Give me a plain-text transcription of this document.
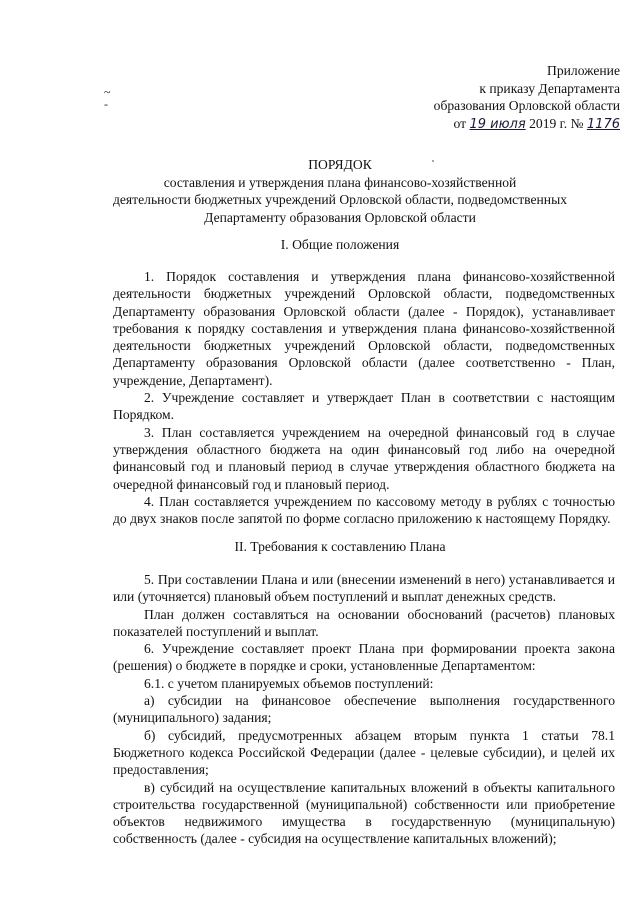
~
-
Приложение
к приказу Департамента
образования Орловской области
от 19 июля 2019 г. № 1176
ПОРЯДОК
составления и утверждения плана финансово-хозяйственной
деятельности бюджетных учреждений Орловской области, подведомственных
Департаменту образования Орловской области
I. Общие положения

1. Порядок составления и утверждения плана финансово-хозяйственной деятельности бюджетных учреждений Орловской области, подведомственных Департаменту образования Орловской области (далее - Порядок), устанавливает требования к порядку составления и утверждения плана финансово-хозяйственной деятельности бюджетных учреждений Орловской области, подведомственных Департаменту образования Орловской области (далее соответственно - План, учреждение, Департамент).

2. Учреждение составляет и утверждает План в соответствии с настоящим Порядком.

3. План составляется учреждением на очередной финансовый год в случае утверждения областного бюджета на один финансовый год либо на очередной финансовый год и плановый период в случае утверждения областного бюджета на очередной финансовый год и плановый период.

4. План составляется учреждением по кассовому методу в рублях с точностью до двух знаков после запятой по форме согласно приложению к настоящему Порядку.

II. Требования к составлению Плана

5. При составлении Плана и или (внесении изменений в него) устанавливается и или (уточняется) плановый объем поступлений и выплат денежных средств.

План должен составляться на основании обоснований (расчетов) плановых показателей поступлений и выплат.

6. Учреждение составляет проект Плана при формировании проекта закона (решения) о бюджете в порядке и сроки, установленные Департаментом:

6.1. с учетом планируемых объемов поступлений:

а) субсидии на финансовое обеспечение выполнения государственного (муниципального) задания;

б) субсидий, предусмотренных абзацем вторым пункта 1 статьи 78.1 Бюджетного кодекса Российской Федерации (далее - целевые субсидии), и целей их предоставления;

в) субсидий на осуществление капитальных вложений в объекты капитального строительства государственной (муниципальной) собственности или приобретение объектов недвижимого имущества в государственную (муниципальную) собственность (далее - субсидия на осуществление капитальных вложений);
